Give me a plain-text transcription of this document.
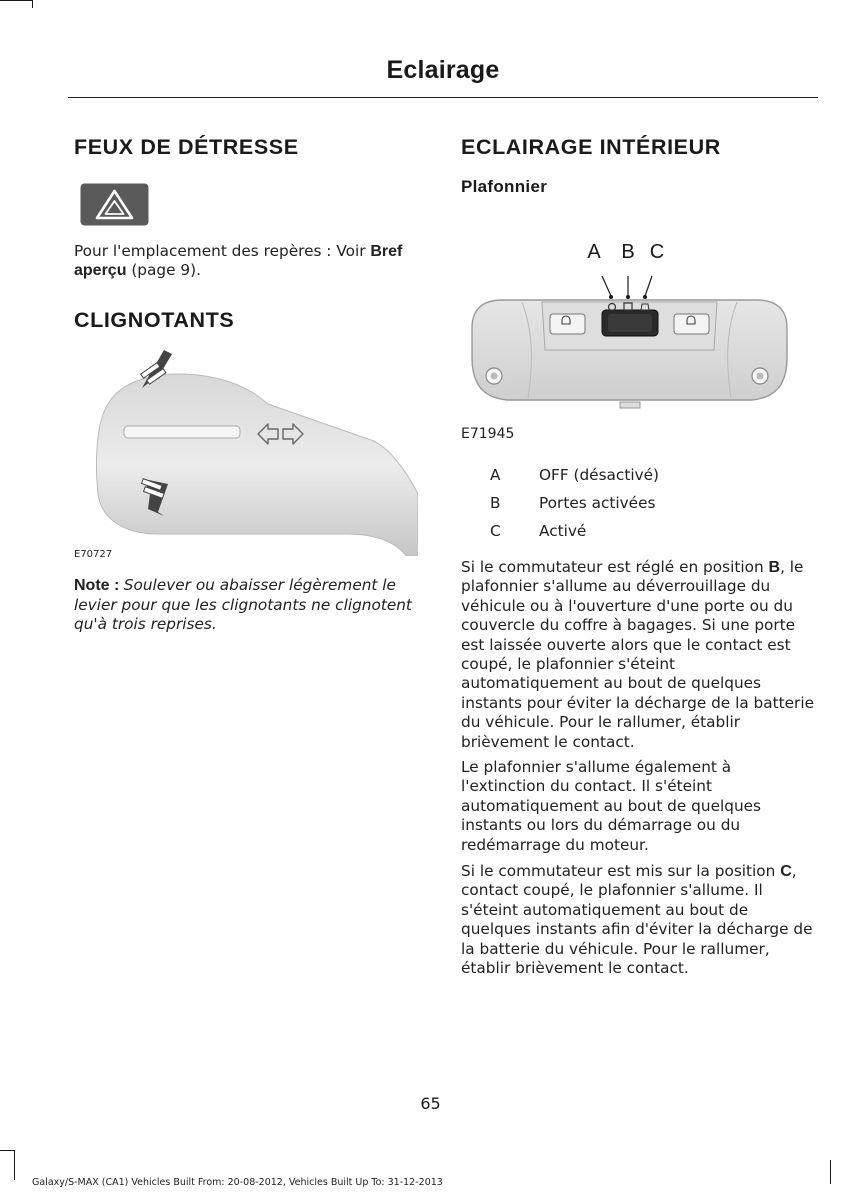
Eclairage
FEUX DE DÉTRESSE
Pour l'emplacement des repères : Voir Bref aperçu (page 9).
CLIGNOTANTS
E70727
Note : Soulever ou abaisser légèrement le levier pour que les clignotants ne clignotent qu'à trois reprises.
ECLAIRAGE INTÉRIEUR
Plafonnier
A B C
E71945
A	OFF (désactivé)
B	Portes activées
C	Activé
Si le commutateur est réglé en position B, le plafonnier s'allume au déverrouillage du véhicule ou à l'ouverture d'une porte ou du couvercle du coffre à bagages. Si une porte est laissée ouverte alors que le contact est coupé, le plafonnier s'éteint automatiquement au bout de quelques instants pour éviter la décharge de la batterie du véhicule. Pour le rallumer, établir brièvement le contact.
Le plafonnier s'allume également à l'extinction du contact. Il s'éteint automatiquement au bout de quelques instants ou lors du démarrage ou du redémarrage du moteur.
Si le commutateur est mis sur la position C, contact coupé, le plafonnier s'allume. Il s'éteint automatiquement au bout de quelques instants afin d'éviter la décharge de la batterie du véhicule. Pour le rallumer, établir brièvement le contact.
65
Galaxy/S-MAX (CA1) Vehicles Built From: 20-08-2012, Vehicles Built Up To: 31-12-2013
